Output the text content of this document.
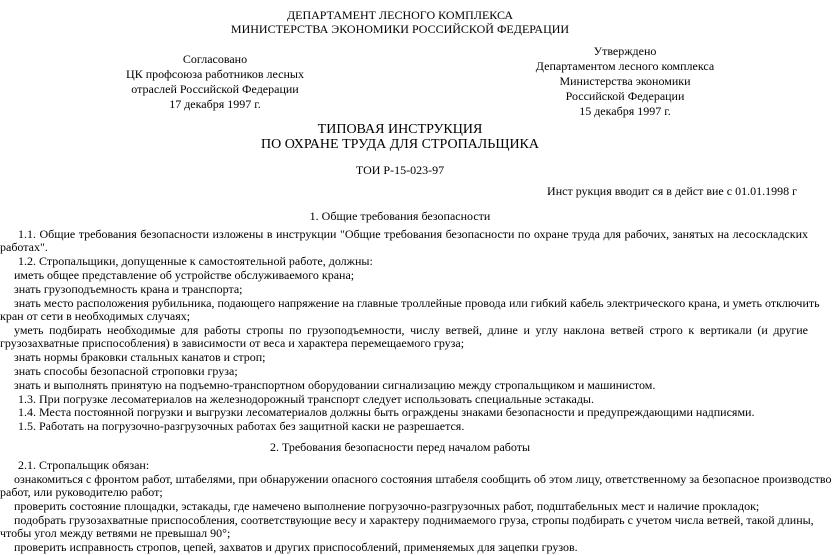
ДЕПАРТАМЕНТ ЛЕСНОГО КОМПЛЕКСА
МИНИСТЕРСТВА ЭКОНОМИКИ РОССИЙСКОЙ ФЕДЕРАЦИИ
Согласовано
ЦК профсоюза работников лесных
отраслей Российской Федерации
17 декабря 1997 г.
Утверждено
Департаментом лесного комплекса
Министерства экономики
Российской Федерации
15 декабря 1997 г.
ТИПОВАЯ ИНСТРУКЦИЯ
ПО ОХРАНЕ ТРУДА ДЛЯ СТРОПАЛЬЩИКА
ТОИ Р-15-023-97
Инст рукция вводит ся в дейст вие с 01.01.1998 г
1. Общие требования безопасности
1.1. Общие требования безопасности изложены в инструкции "Общие требования безопасности по охране труда для рабочих, занятых на лесоскладских
работах".
1.2. Стропальщики, допущенные к самостоятельной работе, должны:
иметь общее представление об устройстве обслуживаемого крана;
знать грузоподъемность крана и транспорта;
знать место расположения рубильника, подающего напряжение на главные троллейные провода или гибкий кабель электрического крана, и уметь отключить
кран от сети в необходимых случаях;
уметь подбирать необходимые для работы стропы по грузоподъемности, числу ветвей, длине и углу наклона ветвей строго к вертикали (и другие
грузозахватные приспособления) в зависимости от веса и характера перемещаемого груза;
знать нормы браковки стальных канатов и строп;
знать способы безопасной строповки груза;
знать и выполнять принятую на подъемно-транспортном оборудовании сигнализацию между стропальщиком и машинистом.
1.3. При погрузке лесоматериалов на железнодорожный транспорт следует использовать специальные эстакады.
1.4. Места постоянной погрузки и выгрузки лесоматериалов должны быть ограждены знаками безопасности и предупреждающими надписями.
1.5. Работать на погрузочно-разгрузочных работах без защитной каски не разрешается.
2. Требования безопасности перед началом работы
2.1. Стропальщик обязан:
ознакомиться с фронтом работ, штабелями, при обнаружении опасного состояния штабеля сообщить об этом лицу, ответственному за безопасное производство
работ, или руководителю работ;
проверить состояние площадки, эстакады, где намечено выполнение погрузочно-разгрузочных работ, подштабельных мест и наличие прокладок;
подобрать грузозахватные приспособления, соответствующие весу и характеру поднимаемого груза, стропы подбирать с учетом числа ветвей, такой длины,
чтобы угол между ветвями не превышал 90°;
проверить исправность стропов, цепей, захватов и других приспособлений, применяемых для зацепки грузов.
